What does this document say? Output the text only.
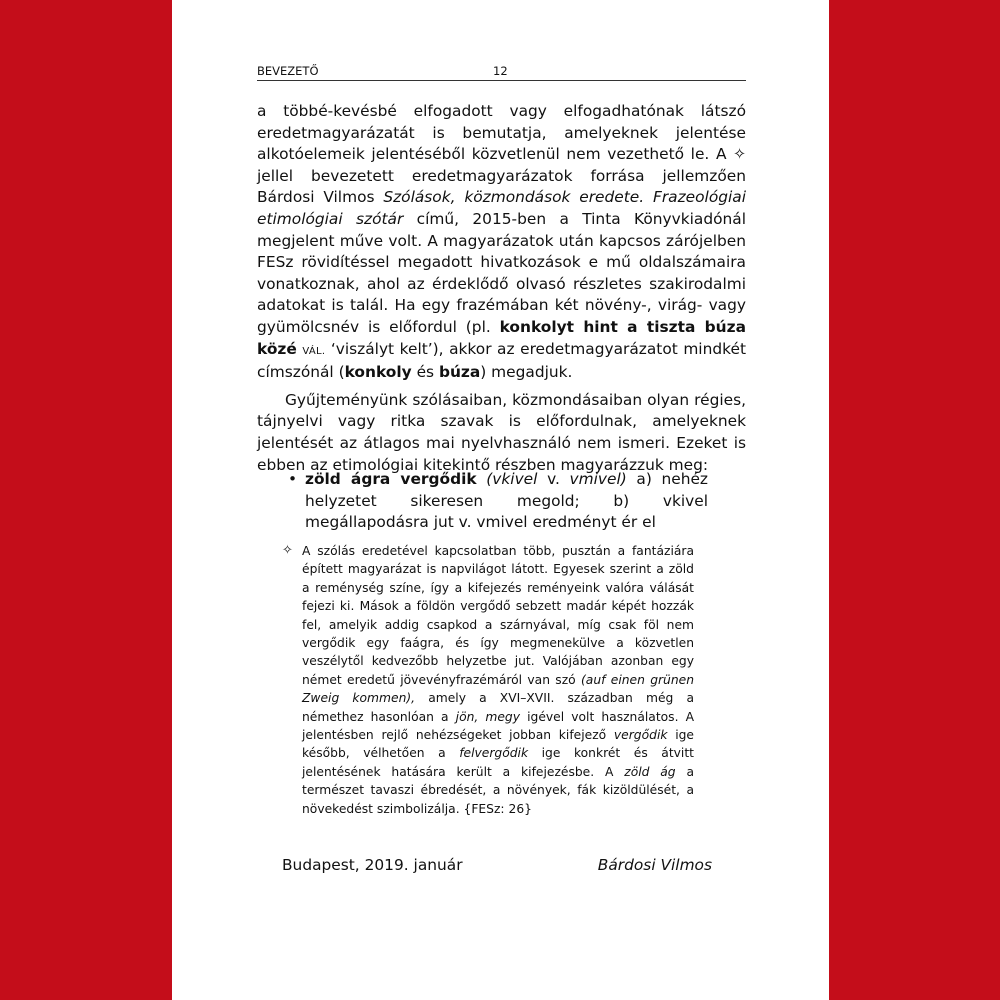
BEVEZETŐ	12

a többé-kevésbé elfogadott vagy elfogadhatónak látszó eredetmagyarázatát is bemutatja, amelyeknek jelentése alkotóelemeik jelentéséből közvetlenül nem vezethető le. A ✧ jellel bevezetett eredetmagyarázatok forrása jellemzően Bárdosi Vilmos Szólások, közmondások eredete. Frazeológiai etimológiai szótár című, 2015-ben a Tinta Könyvkiadónál megjelent műve volt. A magyarázatok után kapcsos zárójelben FESz rövidítéssel megadott hivatkozások e mű oldalszámaira vonatkoznak, ahol az érdeklődő olvasó részletes szakirodalmi adatokat is talál. Ha egy frazémában két növény-, virág- vagy gyümölcsnév is előfordul (pl. konkolyt hint a tiszta búza közé VÁL. ‘viszályt kelt’), akkor az eredetmagyarázatot mindkét címszónál (konkoly és búza) megadjuk.

Gyűjteményünk szólásaiban, közmondásaiban olyan régies, tájnyelvi vagy ritka szavak is előfordulnak, amelyeknek jelentését az átlagos mai nyelvhasználó nem ismeri. Ezeket is ebben az etimológiai kitekintő részben magyarázzuk meg:

• zöld ágra vergődik (vkivel v. vmivel) a) nehéz helyzetet sikeresen megold; b) vkivel megállapodásra jut v. vmivel eredményt ér el
✧ A szólás eredetével kapcsolatban több, pusztán a fantáziára épített magyarázat is napvilágot látott. Egyesek szerint a zöld a reménység színe, így a kifejezés reményeink valóra válását fejezi ki. Mások a földön vergődő sebzett madár képét hozzák fel, amelyik addig csapkod a szárnyával, míg csak föl nem vergődik egy faágra, és így megmenekülve a közvetlen veszélytől kedvezőbb helyzetbe jut. Valójában azonban egy német eredetű jövevényfrazémáról van szó (auf einen grünen Zweig kommen), amely a XVI–XVII. században még a némethez hasonlóan a jön, megy igével volt használatos. A jelentésben rejlő nehézségeket jobban kifejező vergődik ige később, vélhetően a felvergődik ige konkrét és átvitt jelentésének hatására került a kifejezésbe. A zöld ág a természet tavaszi ébredését, a növények, fák kizöldülését, a növekedést szimbolizálja. {FESz: 26}
Budapest, 2019. január	Bárdosi Vilmos
